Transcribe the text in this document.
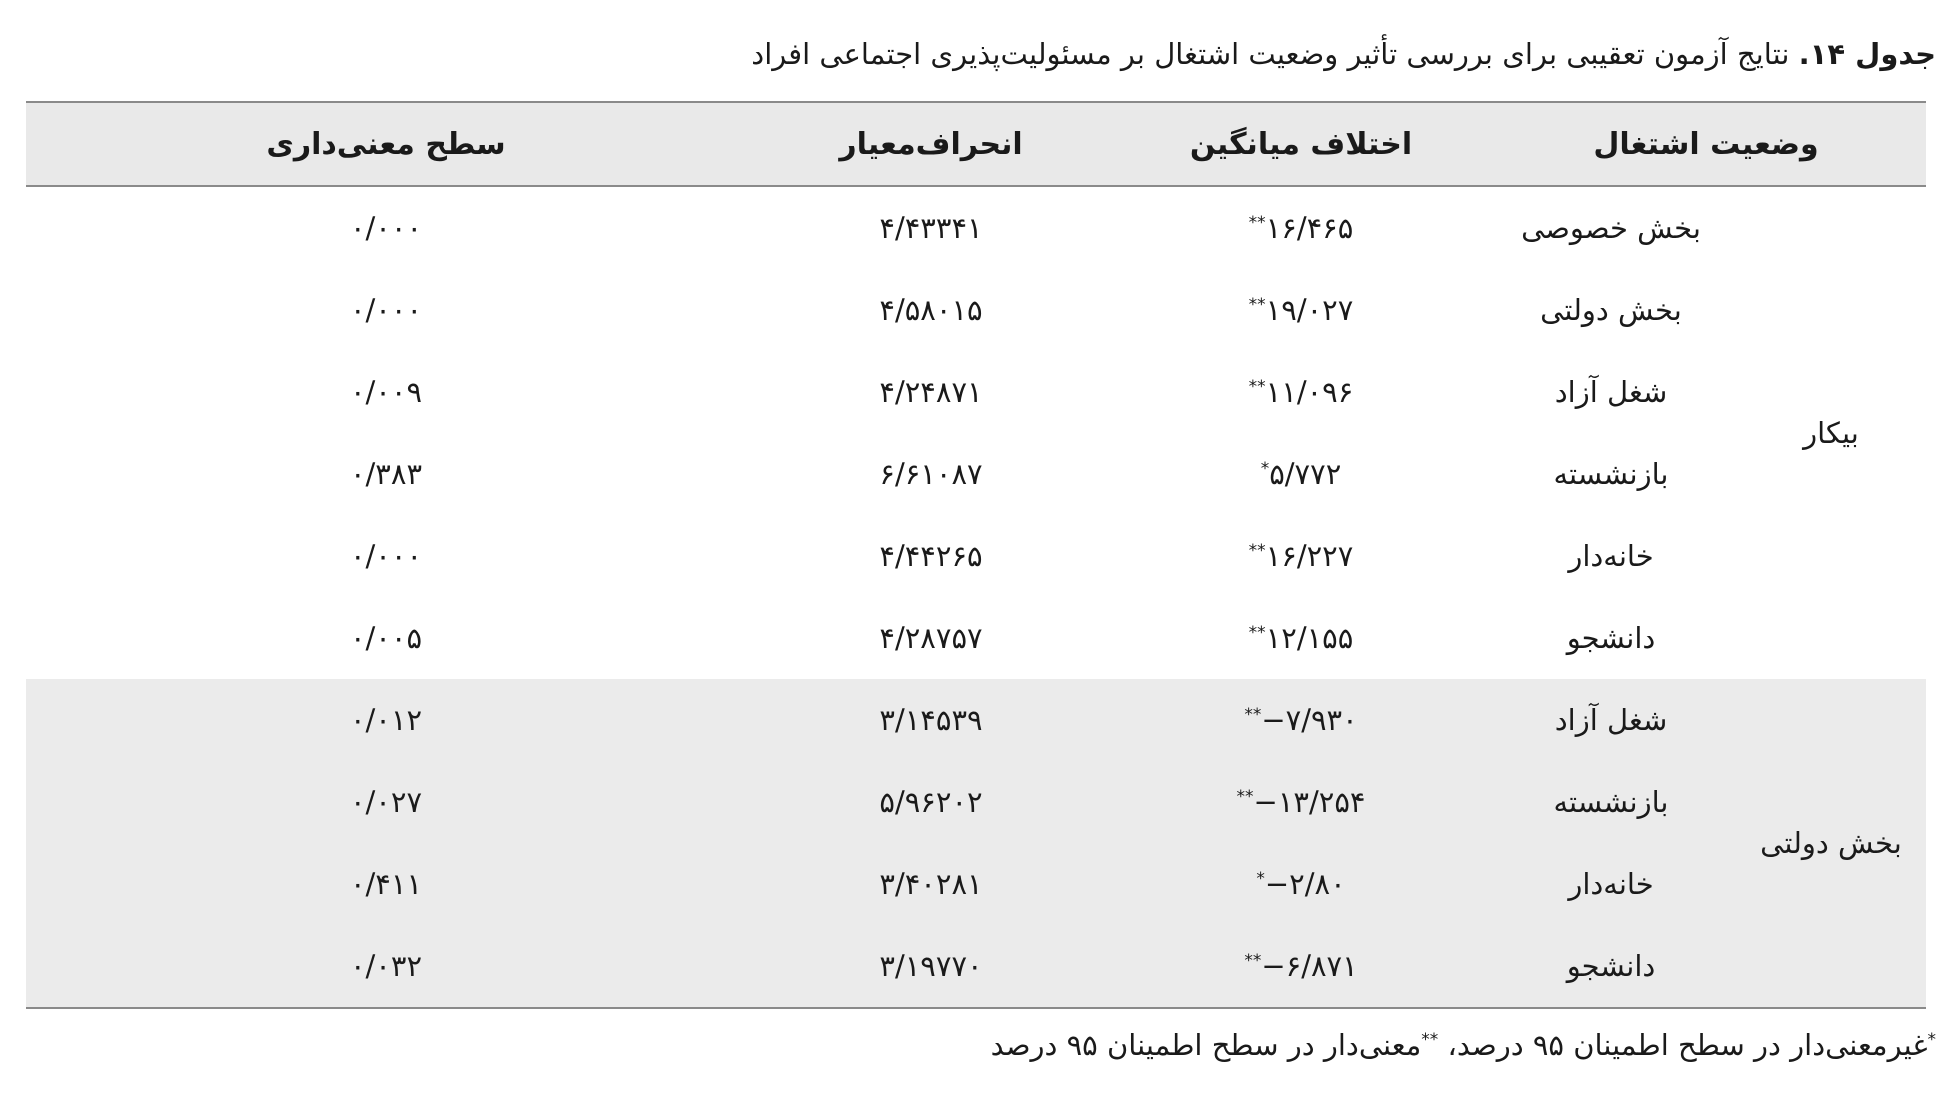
جدول ۱۴. نتایج آزمون تعقیبی برای بررسی تأثیر وضعیت اشتغال بر مسئولیت‌پذیری اجتماعی افراد
وضعیت اشتغال		اختلاف میانگین	انحراف‌معیار	سطح معنی‌داری
بیکار	بخش خصوصی	**۱۶/۴۶۵	۴/۴۳۳۴۱	۰/۰۰۰
	بخش دولتی	**۱۹/۰۲۷	۴/۵۸۰۱۵	۰/۰۰۰
	شغل آزاد	**۱۱/۰۹۶	۴/۲۴۸۷۱	۰/۰۰۹
	بازنشسته	*۵/۷۷۲	۶/۶۱۰۸۷	۰/۳۸۳
	خانه‌دار	**۱۶/۲۲۷	۴/۴۴۲۶۵	۰/۰۰۰
	دانشجو	**۱۲/۱۵۵	۴/۲۸۷۵۷	۰/۰۰۵
بخش دولتی	شغل آزاد	**−۷/۹۳۰	۳/۱۴۵۳۹	۰/۰۱۲
	بازنشسته	**−۱۳/۲۵۴	۵/۹۶۲۰۲	۰/۰۲۷
	خانه‌دار	*−۲/۸۰	۳/۴۰۲۸۱	۰/۴۱۱
	دانشجو	**−۶/۸۷۱	۳/۱۹۷۷۰	۰/۰۳۲
*غیرمعنی‌دار در سطح اطمینان ۹۵ درصد، **معنی‌دار در سطح اطمینان ۹۵ درصد
